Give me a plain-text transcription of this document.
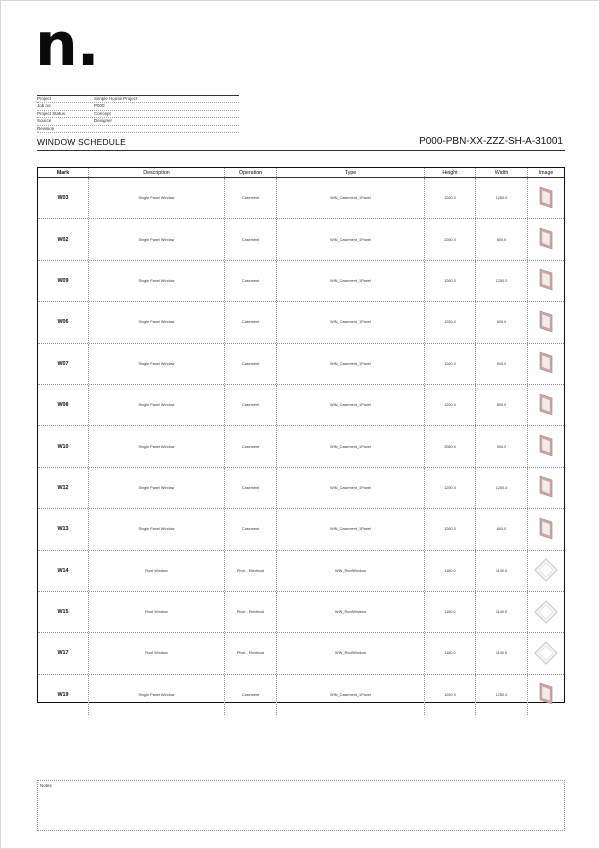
n.
Project	Simple House Project
Job no	P000
Project Status	Concept
Source	Designer
Revision
WINDOW SCHEDULE	P000-PBN-XX-ZZZ-SH-A-31001
Mark	Description	Operation	Type	Height	Width	Image
W03	Single Panel Window	Casement	WIN_Casement_1Panel	1260.0	1250.0
W02	Single Panel Window	Casement	WIN_Casement_1Panel	2260.0	800.0
W09	Single Panel Window	Casement	WIN_Casement_1Panel	1260.0	1250.0
W06	Single Panel Window	Casement	WIN_Casement_1Panel	1250.0	600.0
W07	Single Panel Window	Casement	WIN_Casement_1Panel	1260.0	900.0
W08	Single Panel Window	Casement	WIN_Casement_1Panel	1250.0	800.0
W10	Single Panel Window	Casement	WIN_Casement_1Panel	2060.0	900.0
W12	Single Panel Window	Casement	WIN_Casement_1Panel	1250.0	1250.0
W13	Single Panel Window	Casement	WIN_Casement_1Panel	1260.0	600.0
W14	Roof Window	Pivot - Electrical	WIN_RoofWindow	1180.0	1140.0
W15	Roof Window	Pivot - Electrical	WIN_RoofWindow	1180.0	1140.0
W17	Roof Window	Pivot - Electrical	WIN_RoofWindow	1180.0	1140.0
W19	Single Panel Window	Casement	WIN_Casement_1Panel	1250.0	1250.0
Notes
